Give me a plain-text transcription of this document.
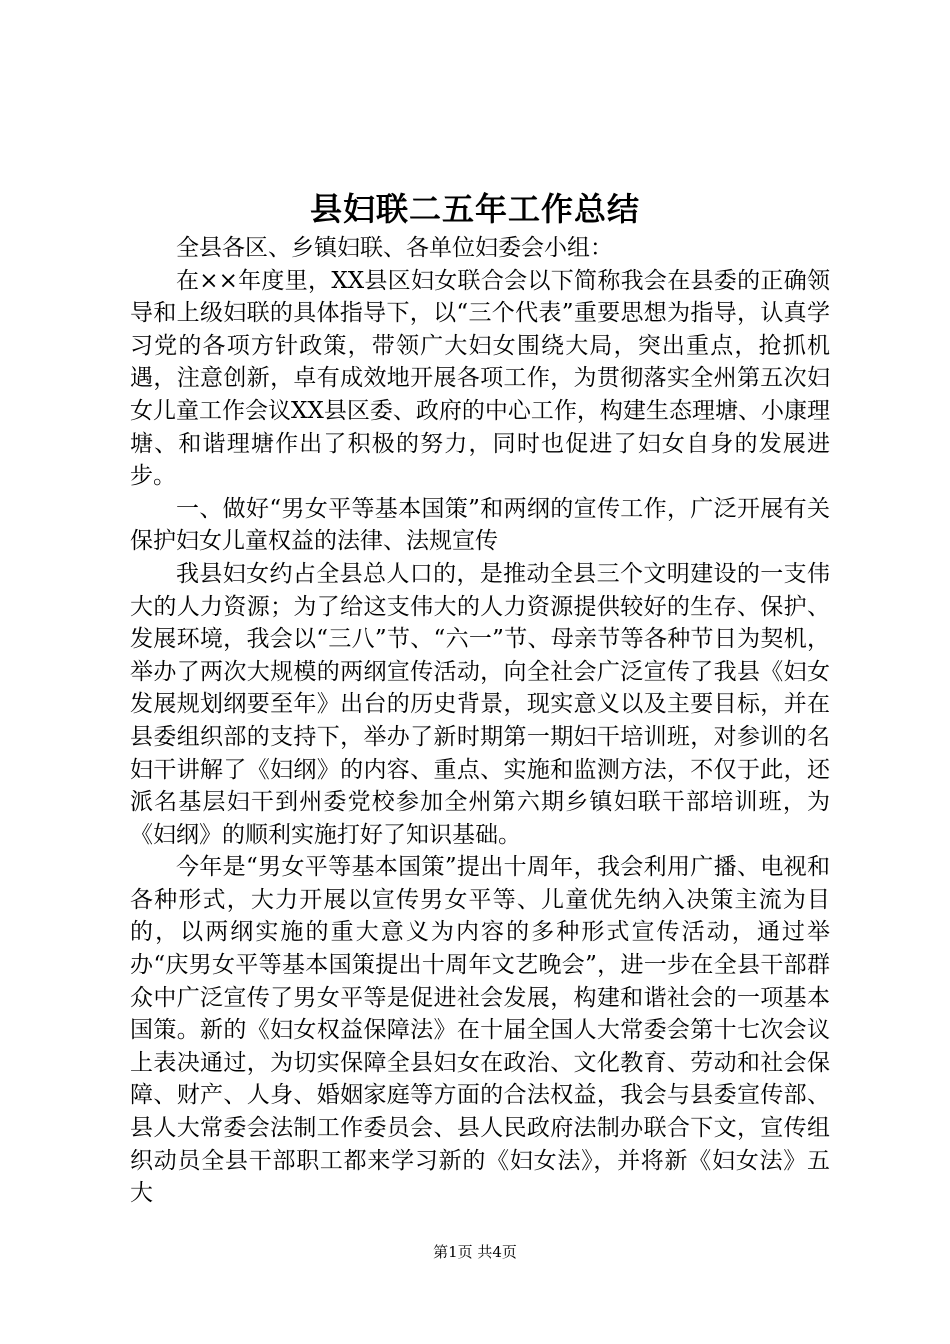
县妇联二五年工作总结

全县各区、乡镇妇联、各单位妇委会小组：

在××年度里，XX县区妇女联合会以下简称我会在县委的正确领导和上级妇联的具体指导下，以“三个代表”重要思想为指导，认真学习党的各项方针政策，带领广大妇女围绕大局，突出重点，抢抓机遇，注意创新，卓有成效地开展各项工作，为贯彻落实全州第五次妇女儿童工作会议XX县区委、政府的中心工作，构建生态理塘、小康理塘、和谐理塘作出了积极的努力，同时也促进了妇女自身的发展进步。

一、做好“男女平等基本国策”和两纲的宣传工作，广泛开展有关保护妇女儿童权益的法律、法规宣传

我县妇女约占全县总人口的，是推动全县三个文明建设的一支伟大的人力资源；为了给这支伟大的人力资源提供较好的生存、保护、发展环境，我会以“三八”节、“六一”节、母亲节等各种节日为契机，举办了两次大规模的两纲宣传活动，向全社会广泛宣传了我县《妇女发展规划纲要至年》出台的历史背景，现实意义以及主要目标，并在县委组织部的支持下，举办了新时期第一期妇干培训班，对参训的名妇干讲解了《妇纲》的内容、重点、实施和监测方法，不仅于此，还派名基层妇干到州委党校参加全州第六期乡镇妇联干部培训班，为《妇纲》的顺利实施打好了知识基础。

今年是“男女平等基本国策”提出十周年，我会利用广播、电视和各种形式，大力开展以宣传男女平等、儿童优先纳入决策主流为目的，以两纲实施的重大意义为内容的多种形式宣传活动，通过举办“庆男女平等基本国策提出十周年文艺晚会”，进一步在全县干部群众中广泛宣传了男女平等是促进社会发展，构建和谐社会的一项基本国策。新的《妇女权益保障法》在十届全国人大常委会第十七次会议上表决通过，为切实保障全县妇女在政治、文化教育、劳动和社会保障、财产、人身、婚姻家庭等方面的合法权益，我会与县委宣传部、县人大常委会法制工作委员会、县人民政府法制办联合下文，宣传组织动员全县干部职工都来学习新的《妇女法》，并将新《妇女法》五大

第1页 共4页
